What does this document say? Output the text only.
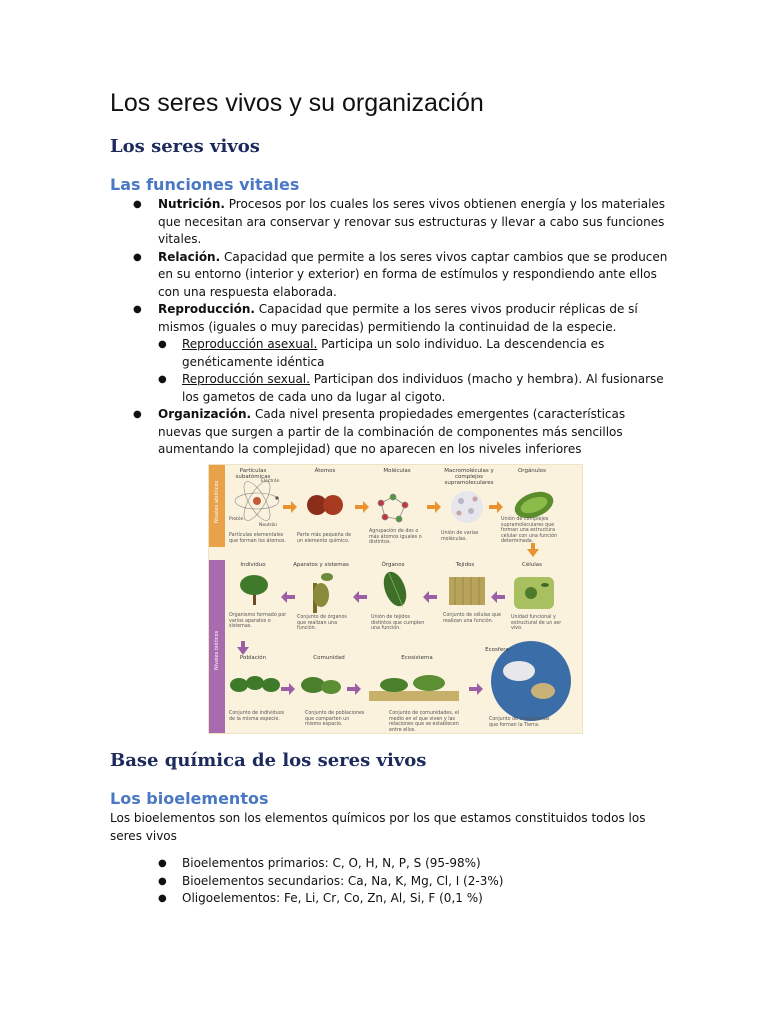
Los seres vivos y su organización
Los seres vivos
Las funciones vitales
● Nutrición. Procesos por los cuales los seres vivos obtienen energía y los materiales que necesitan ara conservar y renovar sus estructuras y llevar a cabo sus funciones vitales.
● Relación. Capacidad que permite a los seres vivos captar cambios que se producen en su entorno (interior y exterior) en forma de estímulos y respondiendo ante ellos con una respuesta elaborada.
● Reproducción. Capacidad que permite a los seres vivos producir réplicas de sí mismos (iguales o muy parecidas) permitiendo la continuidad de la especie.
● Reproducción asexual. Participa un solo individuo. La descendencia es genéticamente idéntica
● Reproducción sexual. Participan dos individuos (macho y hembra). Al fusionarse los gametos de cada uno da lugar al cigoto.
● Organización. Cada nivel presenta propiedades emergentes (características nuevas que surgen a partir de la combinación de componentes más sencillos aumentando la complejidad) que no aparecen en los niveles inferiores
Niveles abióticos
Niveles bióticos
Partículas subatómicas
Átomos	Moléculas	Macromoléculas y complejos supramoleculares
Orgánulos
Electrón
Protón
Neutrón
Partículas elementales que forman los átomos.
Parte más pequeña de un elemento químico.
Agrupación de dos o más átomos iguales o distintos.
Unión de varias moléculas.
Unión de complejos supramoleculares que forman una estructura celular con una función determinada.
Individuo	Aparatos y sistemas	Órganos	Tejidos	Células
Organismo formado por varios aparatos o sistemas.
Conjunto de órganos que realizan una función.
Unión de tejidos distintos que cumplen una función.
Conjunto de células que realizan una función.
Unidad funcional y estructural de un ser vivo.
Población	Comunidad	Ecosistema
Ecosfera
Conjunto de individuos de la misma especie.
Conjunto de poblaciones que comparten un mismo espacio.
Conjunto de comunidades, el medio en el que viven y las relaciones que se establecen entre ellos.
Conjunto de ecosistemas que forman la Tierra.
Base química de los seres vivos
Los bioelementos

Los bioelementos son los elementos químicos por los que estamos constituidos todos los seres vivos

● Bioelementos primarios: C, O, H, N, P, S (95-98%)
● Bioelementos secundarios: Ca, Na, K, Mg, Cl, I (2-3%)
● Oligoelementos: Fe, Li, Cr, Co, Zn, Al, Si, F (0,1 %)
